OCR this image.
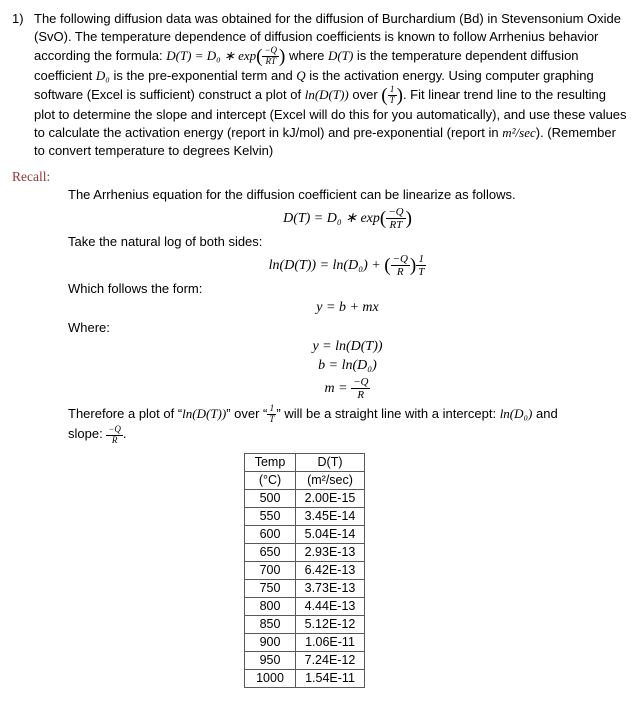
1) The following diffusion data was obtained for the diffusion of Burchardium (Bd) in Stevensonium Oxide (SvO). The temperature dependence of diffusion coefficients is known to follow Arrhenius behavior according the formula: D(T) = D₀ ∗ $\exp( \frac{-Q}{RT}$ ) where D(T) is the temperature dependent diffusion coefficient D₀ is the pre-exponential term and Q is the activation energy. Using computer graphing software (Excel is sufficient) construct a plot of ln(D(T)) over ( $\frac{1}{T}$ ). Fit linear trend line to the resulting plot to determine the slope and intercept (Excel will do this for you automatically), and use these values to calculate the activation energy (report in kJ/mol) and pre-exponential (report in m²/sec). (Remember to convert temperature to degrees Kelvin)
Recall:
The Arrhenius equation for the diffusion coefficient can be linearize as follows.
D(T) = D₀ ∗ $\exp( \frac{-Q}{RT}$ )
Take the natural log of both sides:
ln(D(T)) = ln(D₀) + ( $\frac{-Q}{R}$ ) $\frac{1}{T}$
Which follows the form:
y = b + mx
Where:
y = ln(D(T))
b = ln(D₀)
$m = \frac{-Q}{R}$
Therefore a plot of “ln(D(T))” over “ $\frac{1}{T}$ ” will be a straight line with a intercept: ln(D₀) and
slope: $\frac{-Q}{R}$ .
Temp	D(T)
(°C)	(m²/sec)
500	2.00E-15
550	3.45E-14
600	5.04E-14
650	2.93E-13
700	6.42E-13
750	3.73E-13
800	4.44E-13
850	5.12E-12
900	1.06E-11
950	7.24E-12
1000	1.54E-11
